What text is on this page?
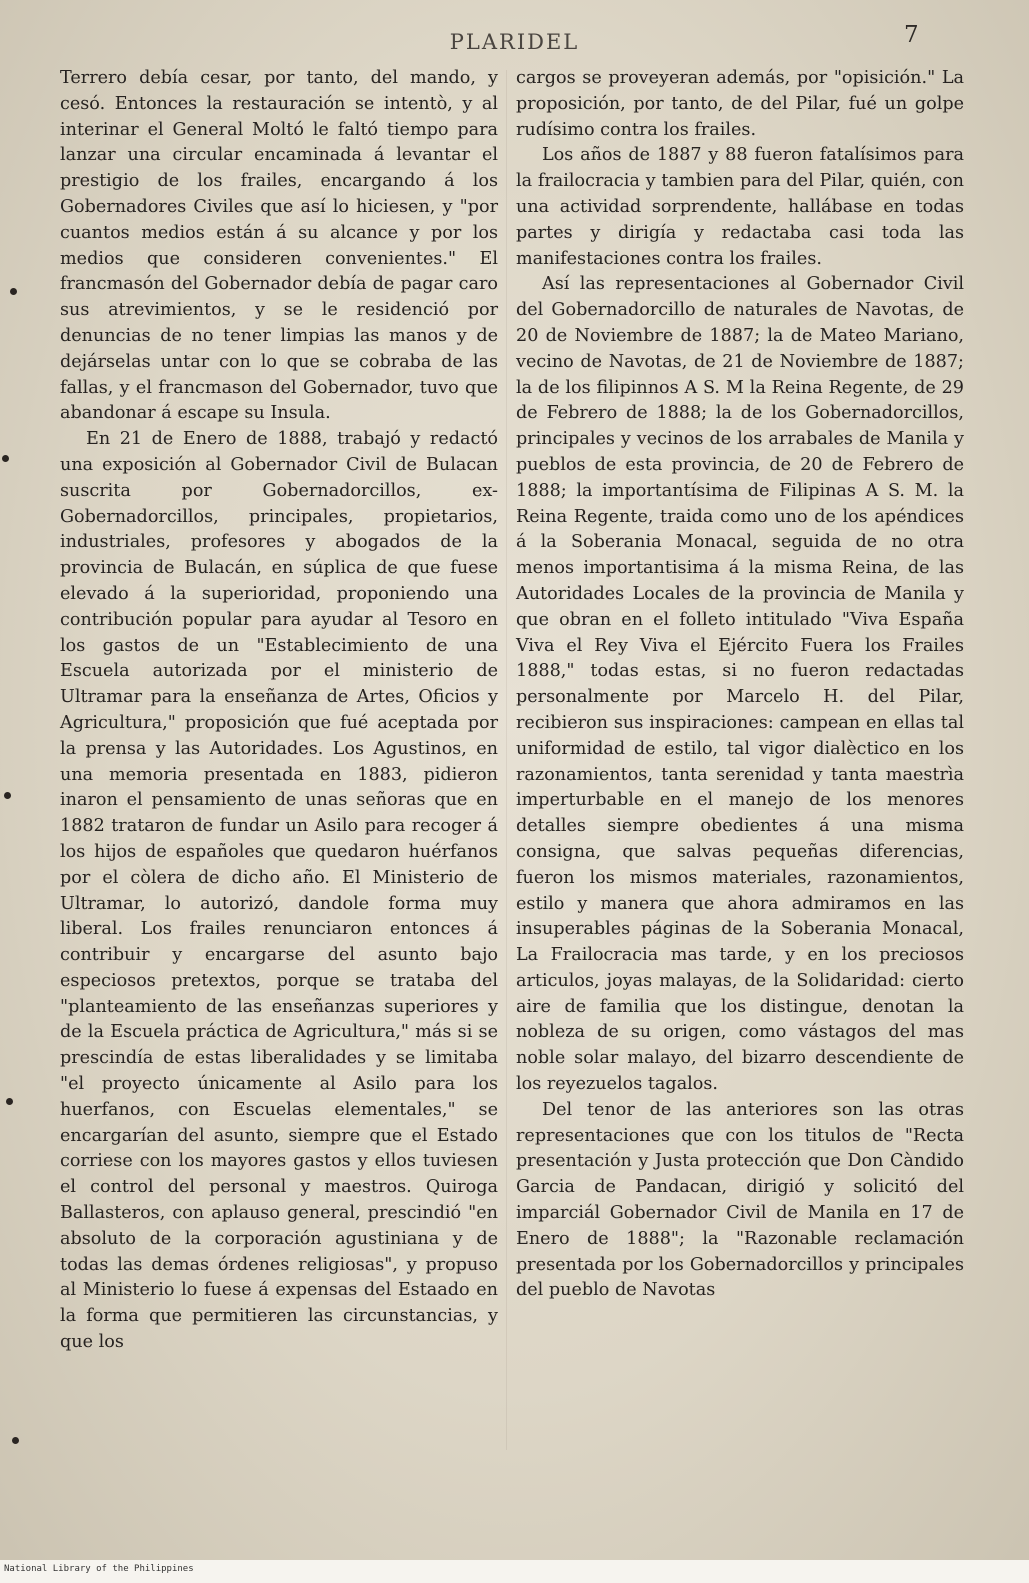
PLARIDEL	7

Terrero debía cesar, por tanto, del mando, y cesó. Entonces la restauración se intentò, y al interinar el General Moltó le faltó tiempo para lanzar una circular encaminada á levantar el prestigio de los frailes, encargando á los Gobernadores Civiles que así lo hiciesen, y "por cuantos medios están á su alcance y por los medios que consideren convenientes." El francmasón del Gobernador debía de pagar caro sus atrevimientos, y se le residenció por denuncias de no tener limpias las manos y de dejárselas untar con lo que se cobraba de las fallas, y el francmason del Gobernador, tuvo que abandonar á escape su Insula.

En 21 de Enero de 1888, trabajó y redactó una exposición al Gobernador Civil de Bulacan suscrita por Gobernadorcillos, ex-Gobernadorcillos, principales, propietarios, industriales, profesores y abogados de la provincia de Bulacán, en súplica de que fuese elevado á la superioridad, proponiendo una contribución popular para ayudar al Tesoro en los gastos de un "Establecimiento de una Escuela autorizada por el ministerio de Ultramar para la enseñanza de Artes, Oficios y Agricultura," proposición que fué aceptada por la prensa y las Autoridades. Los Agustinos, en una memoria presentada en 1883, pidieron inaron el pensamiento de unas señoras que en 1882 trataron de fundar un Asilo para recoger á los hijos de españoles que quedaron huérfanos por el còlera de dicho año. El Ministerio de Ultramar, lo autorizó, dandole forma muy liberal. Los frailes renunciaron entonces á contribuir y encargarse del asunto bajo especiosos pretextos, porque se trataba del "planteamiento de las enseñanzas superiores y de la Escuela práctica de Agricultura," más si se prescindía de estas liberalidades y se limitaba "el proyecto únicamente al Asilo para los huerfanos, con Escuelas elementales," se encargarían del asunto, siempre que el Estado corriese con los mayores gastos y ellos tuviesen el control del personal y maestros. Quiroga Ballasteros, con aplauso general, prescindió "en absoluto de la corporación agustiniana y de todas las demas órdenes religiosas", y propuso al Ministerio lo fuese á expensas del Estaado en la forma que permitieren las circunstancias, y que los

cargos se proveyeran además, por "opisición." La proposición, por tanto, de del Pilar, fué un golpe rudísimo contra los frailes.

Los años de 1887 y 88 fueron fatalísimos para la frailocracia y tambien para del Pilar, quién, con una actividad sorprendente, hallábase en todas partes y dirigía y redactaba casi toda las manifestaciones contra los frailes.

Así las representaciones al Gobernador Civil del Gobernadorcillo de naturales de Navotas, de 20 de Noviembre de 1887; la de Mateo Mariano, vecino de Navotas, de 21 de Noviembre de 1887; la de los filipinnos A S. M la Reina Regente, de 29 de Febrero de 1888; la de los Gobernadorcillos, principales y vecinos de los arrabales de Manila y pueblos de esta provincia, de 20 de Febrero de 1888; la importantísima de Filipinas A S. M. la Reina Regente, traida como uno de los apéndices á la Soberania Monacal, seguida de no otra menos importantisima á la misma Reina, de las Autoridades Locales de la provincia de Manila y que obran en el folleto intitulado "Viva España Viva el Rey Viva el Ejército Fuera los Frailes 1888," todas estas, si no fueron redactadas personalmente por Marcelo H. del Pilar, recibieron sus inspiraciones: campean en ellas tal uniformidad de estilo, tal vigor dialèctico en los razonamientos, tanta serenidad y tanta maestrìa imperturbable en el manejo de los menores detalles siempre obedientes á una misma consigna, que salvas pequeñas diferencias, fueron los mismos materiales, razonamientos, estilo y manera que ahora admiramos en las insuperables páginas de la Soberania Monacal, La Frailocracia mas tarde, y en los preciosos articulos, joyas malayas, de la Solidaridad: cierto aire de familia que los distingue, denotan la nobleza de su origen, como vástagos del mas noble solar malayo, del bizarro descendiente de los reyezuelos tagalos.

Del tenor de las anteriores son las otras representaciones que con los titulos de "Recta presentación y Justa protección que Don Càndido Garcia de Pandacan, dirigió y solicitó del imparciál Gobernador Civil de Manila en 17 de Enero de 1888"; la "Razonable reclamación presentada por los Gobernadorcillos y principales del pueblo de Navotas

National Library of the Philippines
